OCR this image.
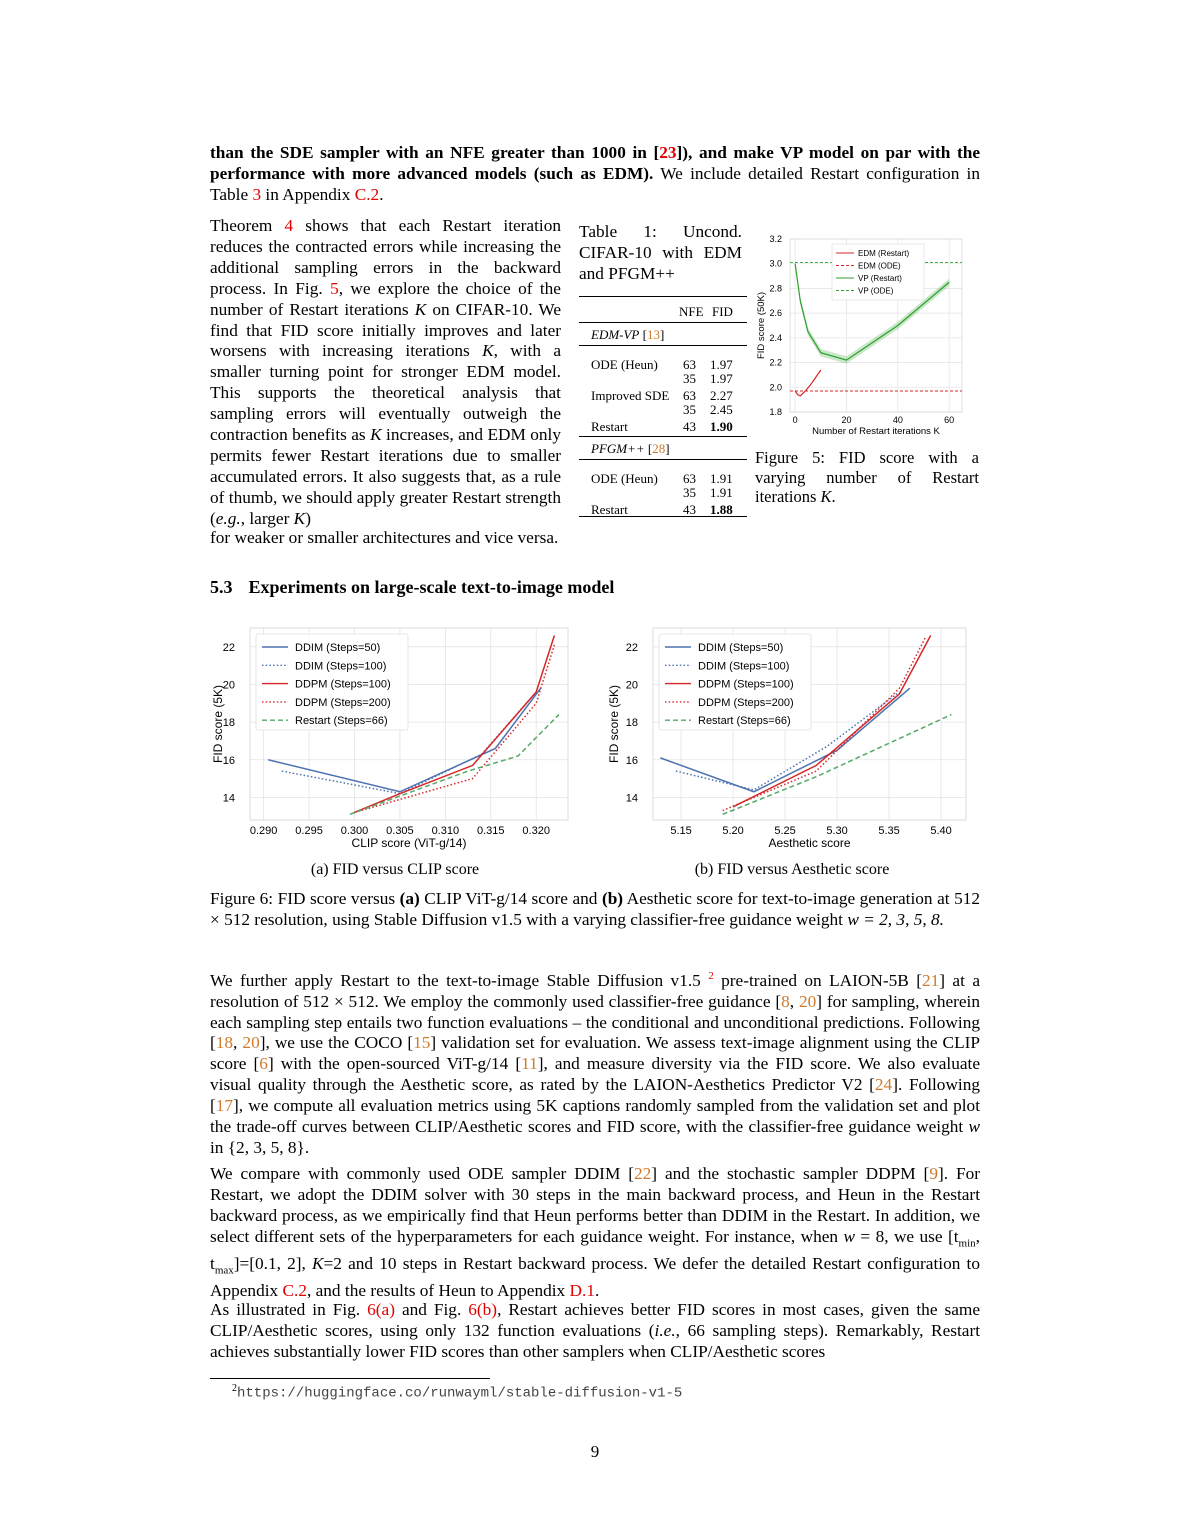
than the SDE sampler with an NFE greater than 1000 in [23]), and make VP model on par with the performance with more advanced models (such as EDM). We include detailed Restart configuration in Table 3 in Appendix C.2.
Theorem 4 shows that each Restart iteration reduces the contracted errors while increasing the additional sampling errors in the backward process. In Fig. 5, we explore the choice of the number of Restart iterations K on CIFAR-10. We find that FID score initially improves and later worsens with increasing iterations K, with a smaller turning point for stronger EDM model. This supports the theoretical analysis that sampling errors will eventually outweigh the contraction benefits as K increases, and EDM only permits fewer Restart iterations due to smaller accumulated errors. It also suggests that, as a rule of thumb, we should apply greater Restart strength (e.g., larger K)
for weaker or smaller architectures and vice versa.
Table 1: Uncond. CIFAR-10 with EDM and PFGM++
NFE FID
EDM-VP [13]
ODE (Heun) 63 1.97
35 1.97
Improved SDE 63 2.27
35 2.45
Restart	43 1.90
PFGM++ [28]
ODE (Heun) 63 1.91
35 1.91
Restart	43 1.88
1.8
2.0
2.2
2.4
2.6
2.8
3.0
3.2
0	20	40	60
EDM (Restart)
EDM (ODE)
VP (Restart)
VP (ODE)
Number of Restart iterations K
FID score (50K)
Figure 5: FID score with a varying number of Restart iterations K.
5.3 Experiments on large-scale text-to-image model
14
16
18
20
22
0.290 0.295 0.300 0.305 0.310 0.315 0.320
DDIM (Steps=50)
DDIM (Steps=100)
DDPM (Steps=100)
DDPM (Steps=200)
Restart (Steps=66)
CLIP score (ViT-g/14)
FID score (5K)
14
16
18
20
22
5.15	5.20	5.25	5.30	5.35	5.40
DDIM (Steps=50)
DDIM (Steps=100)
DDPM (Steps=100)
DDPM (Steps=200)
Restart (Steps=66)
Aesthetic score
FID score (5K)
(a) FID versus CLIP score	(b) FID versus Aesthetic score
Figure 6: FID score versus (a) CLIP ViT-g/14 score and (b) Aesthetic score for text-to-image generation at 512 × 512 resolution, using Stable Diffusion v1.5 with a varying classifier-free guidance weight w = 2, 3, 5, 8.
We further apply Restart to the text-to-image Stable Diffusion v1.5 $^2$ pre-trained on LAION-5B [21] at a resolution of 512 × 512. We employ the commonly used classifier-free guidance [8, 20] for sampling, wherein each sampling step entails two function evaluations – the conditional and unconditional predictions. Following [18, 20], we use the COCO [15] validation set for evaluation. We assess text-image alignment using the CLIP score [6] with the open-sourced ViT-g/14 [11], and measure diversity via the FID score. We also evaluate visual quality through the Aesthetic score, as rated by the LAION-Aesthetics Predictor V2 [24]. Following [17], we compute all evaluation metrics using 5K captions randomly sampled from the validation set and plot the trade-off curves between CLIP/Aesthetic scores and FID score, with the classifier-free guidance weight w in {2, 3, 5, 8}.
We compare with commonly used ODE sampler DDIM [22] and the stochastic sampler DDPM [9]. For Restart, we adopt the DDIM solver with 30 steps in the main backward process, and Heun in the Restart backward process, as we empirically find that Heun performs better than DDIM in the Restart. In addition, we select different sets of the hyperparameters for each guidance weight. For instance, when w = 8, we use [$t_{min}$, $t_{max}]=[0.1$, 2], K=2 and 10 steps in Restart backward process. We defer the detailed Restart configuration to Appendix C.2, and the results of Heun to Appendix D.1.
As illustrated in Fig. 6(a) and Fig. 6(b), Restart achieves better FID scores in most cases, given the same CLIP/Aesthetic scores, using only 132 function evaluations (i.e., 66 sampling steps). Remarkably, Restart achieves substantially lower FID scores than other samplers when CLIP/Aesthetic scores
$^2$https://huggingface.co/runwayml/stable-diffusion-v1-5
9
